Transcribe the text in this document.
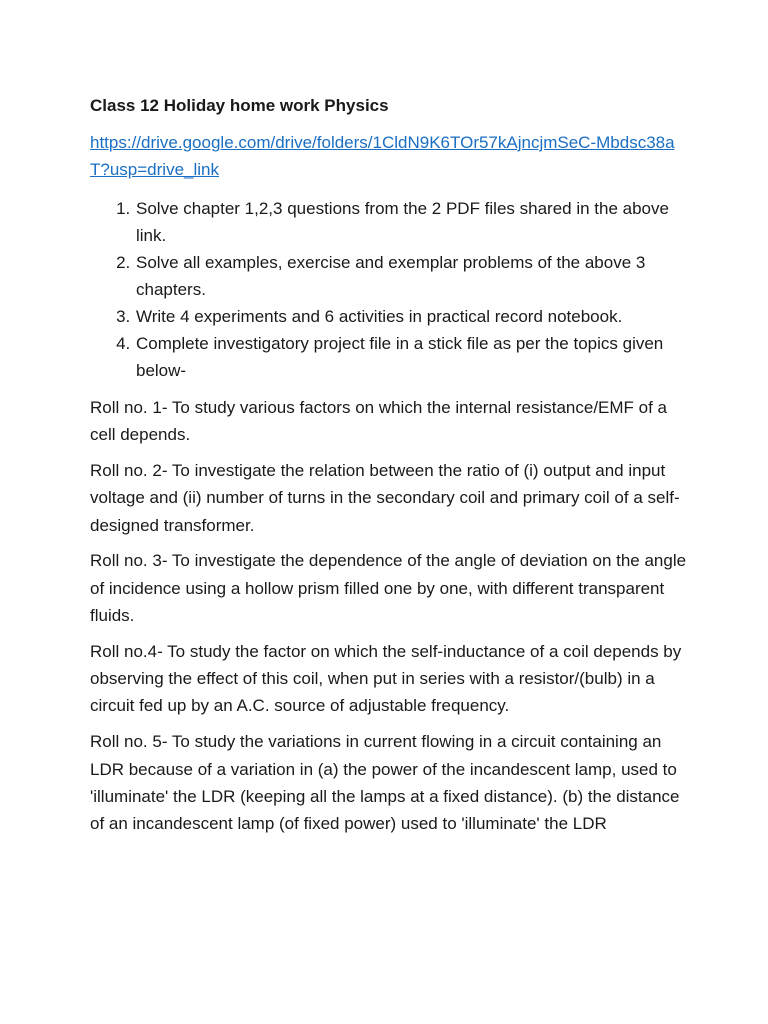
Class 12 Holiday home work Physics
https://drive.google.com/drive/folders/1CldN9K6TOr57kAjncjmSeC-Mbdsc38aT?usp=drive_link
1. Solve chapter 1,2,3 questions from the 2 PDF files shared in the above link.
2. Solve all examples, exercise and exemplar problems of the above 3 chapters.
3. Write 4 experiments and 6 activities in practical record notebook.
4. Complete investigatory project file in a stick file as per the topics given below-

Roll no. 1- To study various factors on which the internal resistance/EMF of a cell depends.

Roll no. 2- To investigate the relation between the ratio of (i) output and input voltage and (ii) number of turns in the secondary coil and primary coil of a self-designed transformer.

Roll no. 3- To investigate the dependence of the angle of deviation on the angle of incidence using a hollow prism filled one by one, with different transparent fluids.

Roll no.4- To study the factor on which the self-inductance of a coil depends by observing the effect of this coil, when put in series with a resistor/(bulb) in a circuit fed up by an A.C. source of adjustable frequency.

Roll no. 5- To study the variations in current flowing in a circuit containing an LDR because of a variation in (a) the power of the incandescent lamp, used to 'illuminate' the LDR (keeping all the lamps at a fixed distance). (b) the distance of an incandescent lamp (of fixed power) used to 'illuminate' the LDR
